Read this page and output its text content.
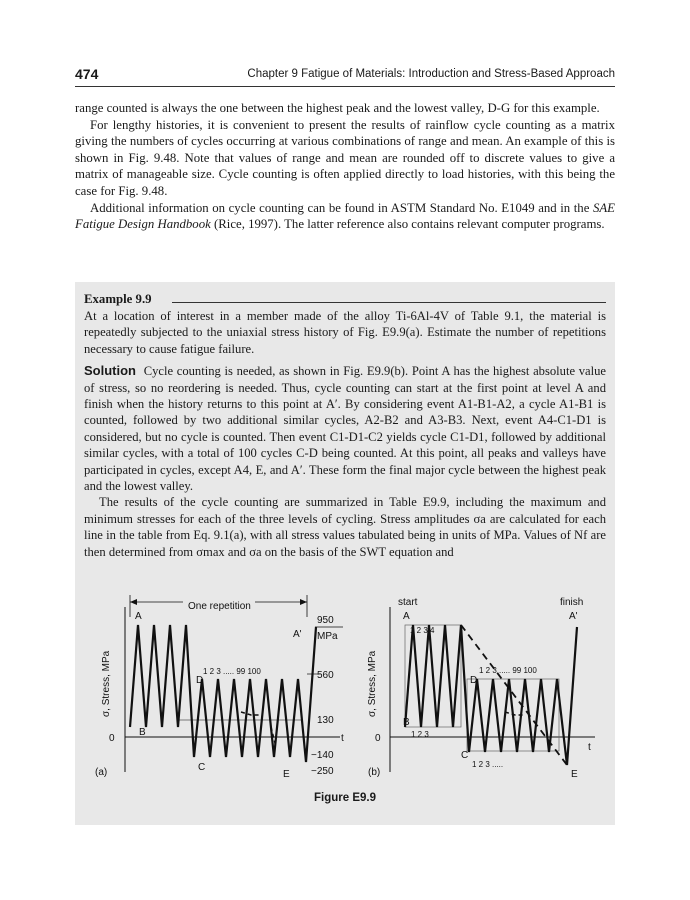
474	Chapter 9 Fatigue of Materials: Introduction and Stress-Based Approach

range counted is always the one between the highest peak and the lowest valley, D-G for this example.

For lengthy histories, it is convenient to present the results of rainflow cycle counting as a matrix giving the numbers of cycles occurring at various combinations of range and mean. An example of this is shown in Fig. 9.48. Note that values of range and mean are rounded off to discrete values to give a matrix of manageable size. Cycle counting is often applied directly to load histories, with this being the case for Fig. 9.48.

Additional information on cycle counting can be found in ASTM Standard No. E1049 and in the SAE Fatigue Design Handbook (Rice, 1997). The latter reference also contains relevant computer programs.

Example 9.9

At a location of interest in a member made of the alloy Ti-6Al-4V of Table 9.1, the material is repeatedly subjected to the uniaxial stress history of Fig. E9.9(a). Estimate the number of repetitions necessary to cause fatigue failure.

Solution Cycle counting is needed, as shown in Fig. E9.9(b). Point A has the highest absolute value of stress, so no reordering is needed. Thus, cycle counting can start at the first point at level A and finish when the history returns to this point at A′. By considering event A1-B1-A2, a cycle A1-B1 is counted, followed by two additional similar cycles, A2-B2 and A3-B3. Next, event A4-C1-D1 is considered, but no cycle is counted. Then event C1-D1-C2 yields cycle C1-D1, followed by additional similar cycles, with a total of 100 cycles C-D being counted. At this point, all peaks and valleys have participated in cycles, except A4, E, and A′. These form the final major cycle between the highest peak and the lowest valley.

The results of the cycle counting are summarized in Table E9.9, including the maximum and minimum stresses for each of the three levels of cycling. Stress amplitudes σa are calculated for each line in the table from Eq. 9.1(a), with all stress values tabulated being in units of MPa. Values of Nf are then determined from σmax and σa on the basis of the SWT equation and

A
A'
B
C
D
E
1 2 3 ..... 99 100
One repetition
950
MPa
560
130
−140
−250
0	t
(a)
σ, Stress, MPa
start
A
finish
A'
1 2 3 4
B
1 2 3
C
1 2 3 .....
D
1 2 3 ..... 99 100
E
0
t
(b)
σ, Stress, MPa
Figure E9.9
